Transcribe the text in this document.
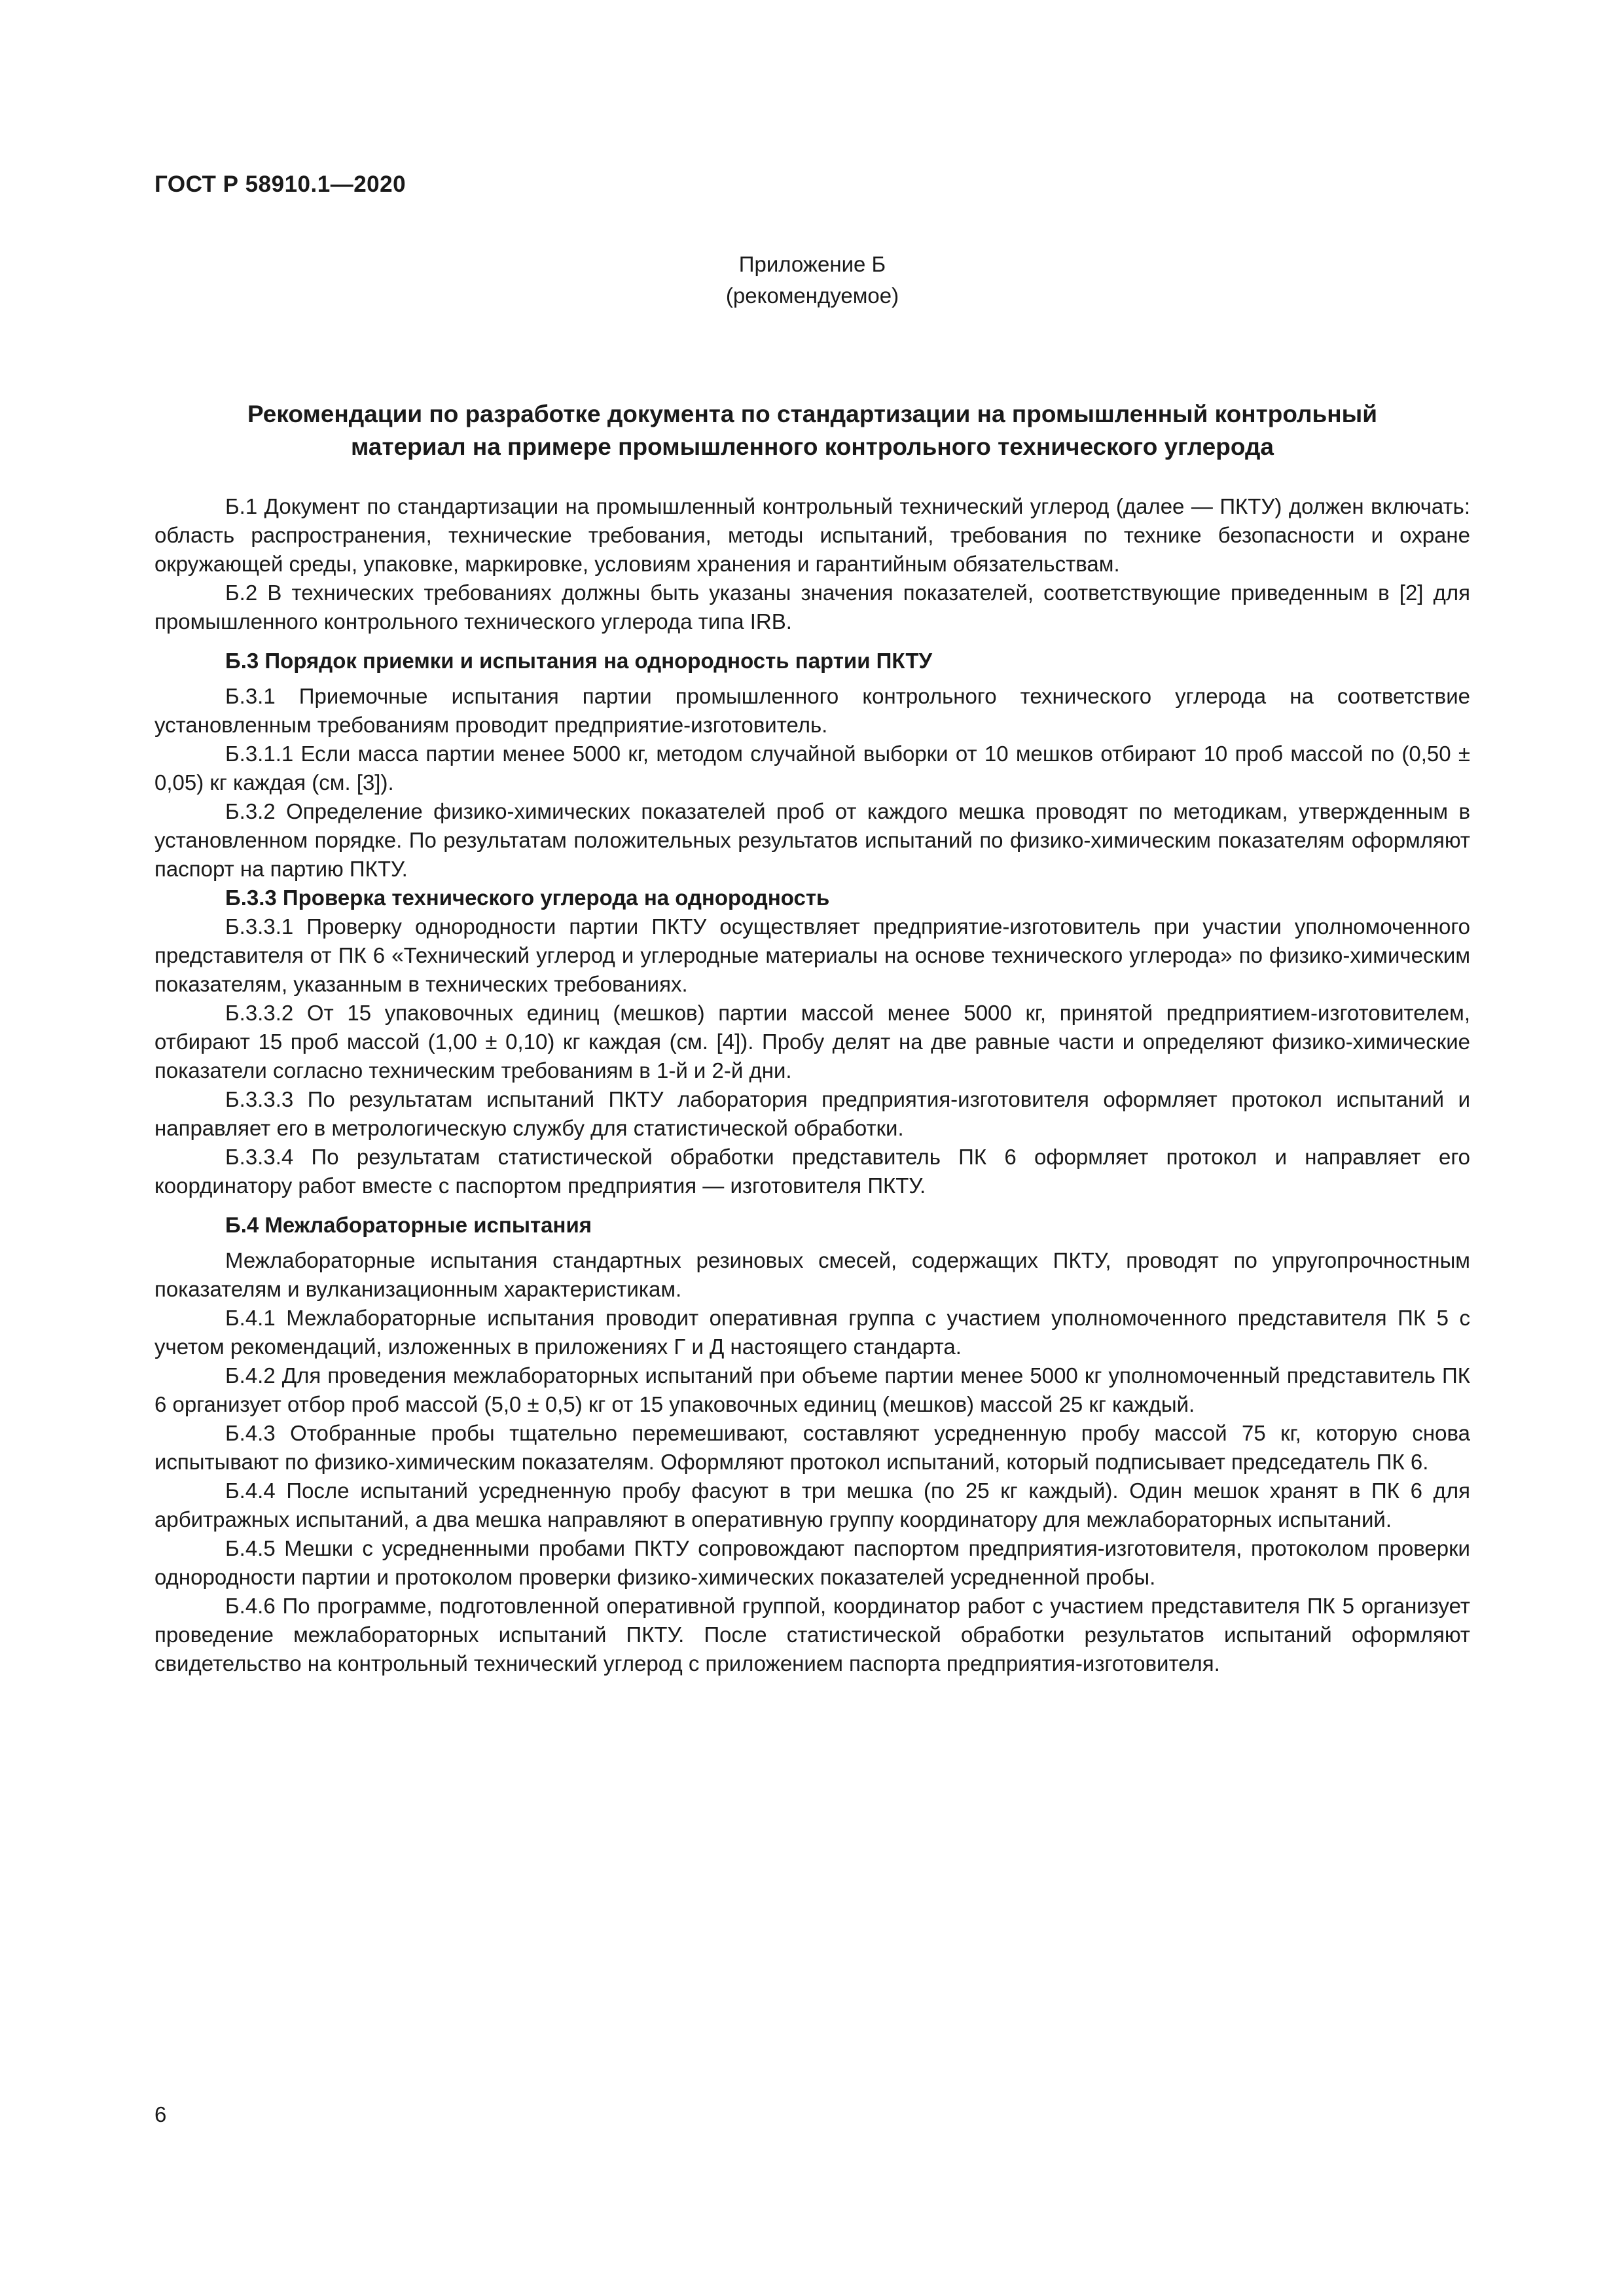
ГОСТ Р 58910.1—2020
Приложение Б
(рекомендуемое)
Рекомендации по разработке документа по стандартизации на промышленный контрольный
материал на примере промышленного контрольного технического углерода

Б.1 Документ по стандартизации на промышленный контрольный технический углерод (далее — ПКТУ) должен включать: область распространения, технические требования, методы испытаний, требования по технике безопасности и охране окружающей среды, упаковке, маркировке, условиям хранения и гарантийным обязательствам.

Б.2 В технических требованиях должны быть указаны значения показателей, соответствующие приведенным в [2] для промышленного контрольного технического углерода типа IRB.

Б.3 Порядок приемки и испытания на однородность партии ПКТУ

Б.3.1 Приемочные испытания партии промышленного контрольного технического углерода на соответствие установленным требованиям проводит предприятие-изготовитель.

Б.3.1.1 Если масса партии менее 5000 кг, методом случайной выборки от 10 мешков отбирают 10 проб массой по (0,50 ± 0,05) кг каждая (см. [3]).

Б.3.2 Определение физико-химических показателей проб от каждого мешка проводят по методикам, утвержденным в установленном порядке. По результатам положительных результатов испытаний по физико-химическим показателям оформляют паспорт на партию ПКТУ.

Б.3.3 Проверка технического углерода на однородность

Б.3.3.1 Проверку однородности партии ПКТУ осуществляет предприятие-изготовитель при участии уполномоченного представителя от ПК 6 «Технический углерод и углеродные материалы на основе технического углерода» по физико-химическим показателям, указанным в технических требованиях.

Б.3.3.2 От 15 упаковочных единиц (мешков) партии массой менее 5000 кг, принятой предприятием-изготовителем, отбирают 15 проб массой (1,00 ± 0,10) кг каждая (см. [4]). Пробу делят на две равные части и определяют физико-химические показатели согласно техническим требованиям в 1-й и 2-й дни.

Б.3.3.3 По результатам испытаний ПКТУ лаборатория предприятия-изготовителя оформляет протокол испытаний и направляет его в метрологическую службу для статистической обработки.

Б.3.3.4 По результатам статистической обработки представитель ПК 6 оформляет протокол и направляет его координатору работ вместе с паспортом предприятия — изготовителя ПКТУ.

Б.4 Межлабораторные испытания

Межлабораторные испытания стандартных резиновых смесей, содержащих ПКТУ, проводят по упругопрочностным показателям и вулканизационным характеристикам.

Б.4.1 Межлабораторные испытания проводит оперативная группа с участием уполномоченного представителя ПК 5 с учетом рекомендаций, изложенных в приложениях Г и Д настоящего стандарта.

Б.4.2 Для проведения межлабораторных испытаний при объеме партии менее 5000 кг уполномоченный представитель ПК 6 организует отбор проб массой (5,0 ± 0,5) кг от 15 упаковочных единиц (мешков) массой 25 кг каждый.

Б.4.3 Отобранные пробы тщательно перемешивают, составляют усредненную пробу массой 75 кг, которую снова испытывают по физико-химическим показателям. Оформляют протокол испытаний, который подписывает председатель ПК 6.

Б.4.4 После испытаний усредненную пробу фасуют в три мешка (по 25 кг каждый). Один мешок хранят в ПК 6 для арбитражных испытаний, а два мешка направляют в оперативную группу координатору для межлабораторных испытаний.

Б.4.5 Мешки с усредненными пробами ПКТУ сопровождают паспортом предприятия-изготовителя, протоколом проверки однородности партии и протоколом проверки физико-химических показателей усредненной пробы.

Б.4.6 По программе, подготовленной оперативной группой, координатор работ с участием представителя ПК 5 организует проведение межлабораторных испытаний ПКТУ. После статистической обработки результатов испытаний оформляют свидетельство на контрольный технический углерод с приложением паспорта предприятия-изготовителя.

6
